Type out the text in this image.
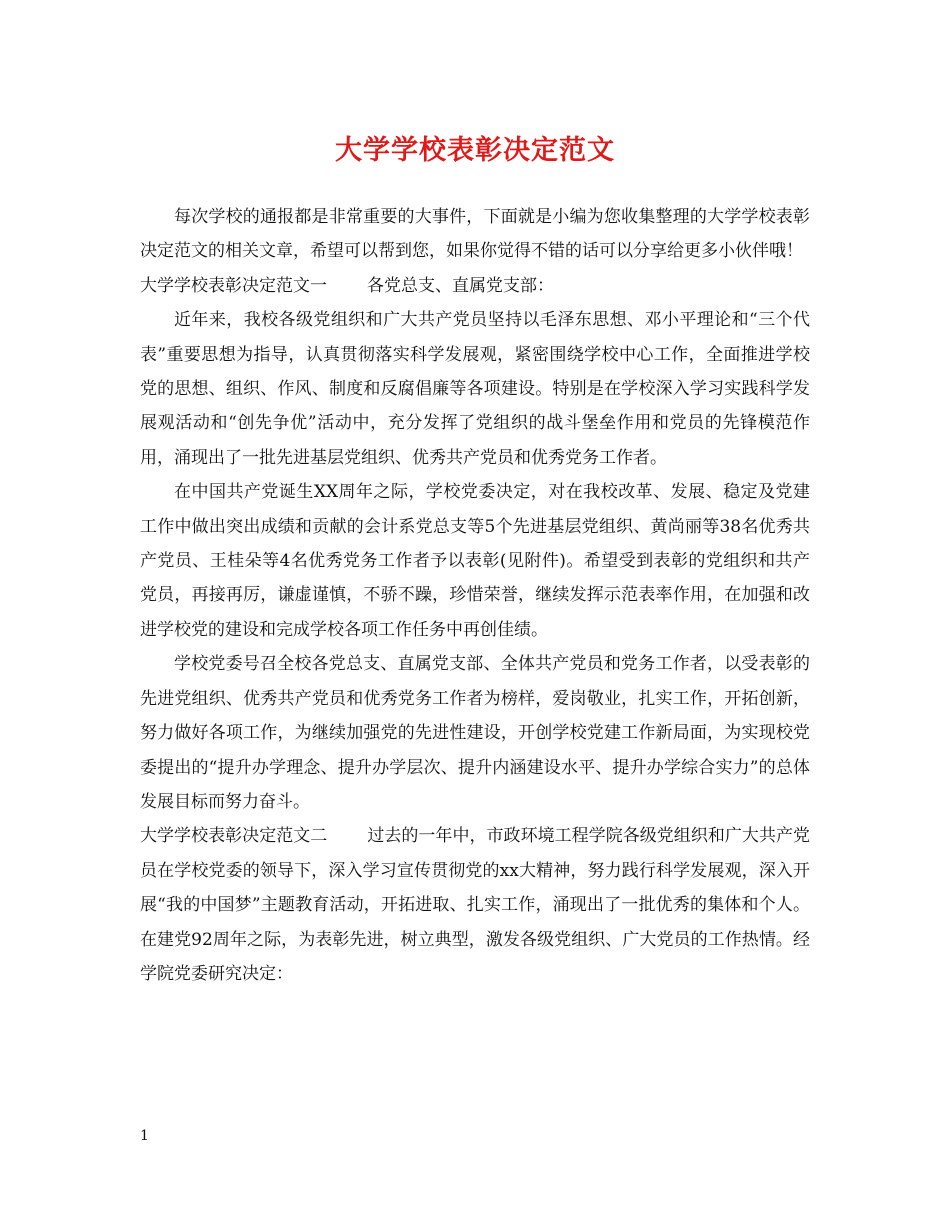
大学学校表彰决定范文

每次学校的通报都是非常重要的大事件，下面就是小编为您收集整理的大学学校表彰决定范文的相关文章，希望可以帮到您，如果你觉得不错的话可以分享给更多小伙伴哦！

大学学校表彰决定范文一 各党总支、直属党支部：

近年来，我校各级党组织和广大共产党员坚持以毛泽东思想、邓小平理论和“三个代表”重要思想为指导，认真贯彻落实科学发展观，紧密围绕学校中心工作，全面推进学校党的思想、组织、作风、制度和反腐倡廉等各项建设。特别是在学校深入学习实践科学发展观活动和“创先争优”活动中，充分发挥了党组织的战斗堡垒作用和党员的先锋模范作用，涌现出了一批先进基层党组织、优秀共产党员和优秀党务工作者。

在中国共产党诞生XX周年之际，学校党委决定，对在我校改革、发展、稳定及党建工作中做出突出成绩和贡献的会计系党总支等5个先进基层党组织、黄尚丽等38名优秀共产党员、王桂朵等4名优秀党务工作者予以表彰(见附件)。希望受到表彰的党组织和共产党员，再接再厉，谦虚谨慎，不骄不躁，珍惜荣誉，继续发挥示范表率作用，在加强和改进学校党的建设和完成学校各项工作任务中再创佳绩。

学校党委号召全校各党总支、直属党支部、全体共产党员和党务工作者，以受表彰的先进党组织、优秀共产党员和优秀党务工作者为榜样，爱岗敬业，扎实工作，开拓创新，努力做好各项工作，为继续加强党的先进性建设，开创学校党建工作新局面，为实现校党委提出的“提升办学理念、提升办学层次、提升内涵建设水平、提升办学综合实力”的总体发展目标而努力奋斗。

大学学校表彰决定范文二 过去的一年中，市政环境工程学院各级党组织和广大共产党员在学校党委的领导下，深入学习宣传贯彻党的xx大精神，努力践行科学发展观，深入开展“我的中国梦”主题教育活动，开拓进取、扎实工作，涌现出了一批优秀的集体和个人。在建党92周年之际，为表彰先进，树立典型，激发各级党组织、广大党员的工作热情。经学院党委研究决定：

1
